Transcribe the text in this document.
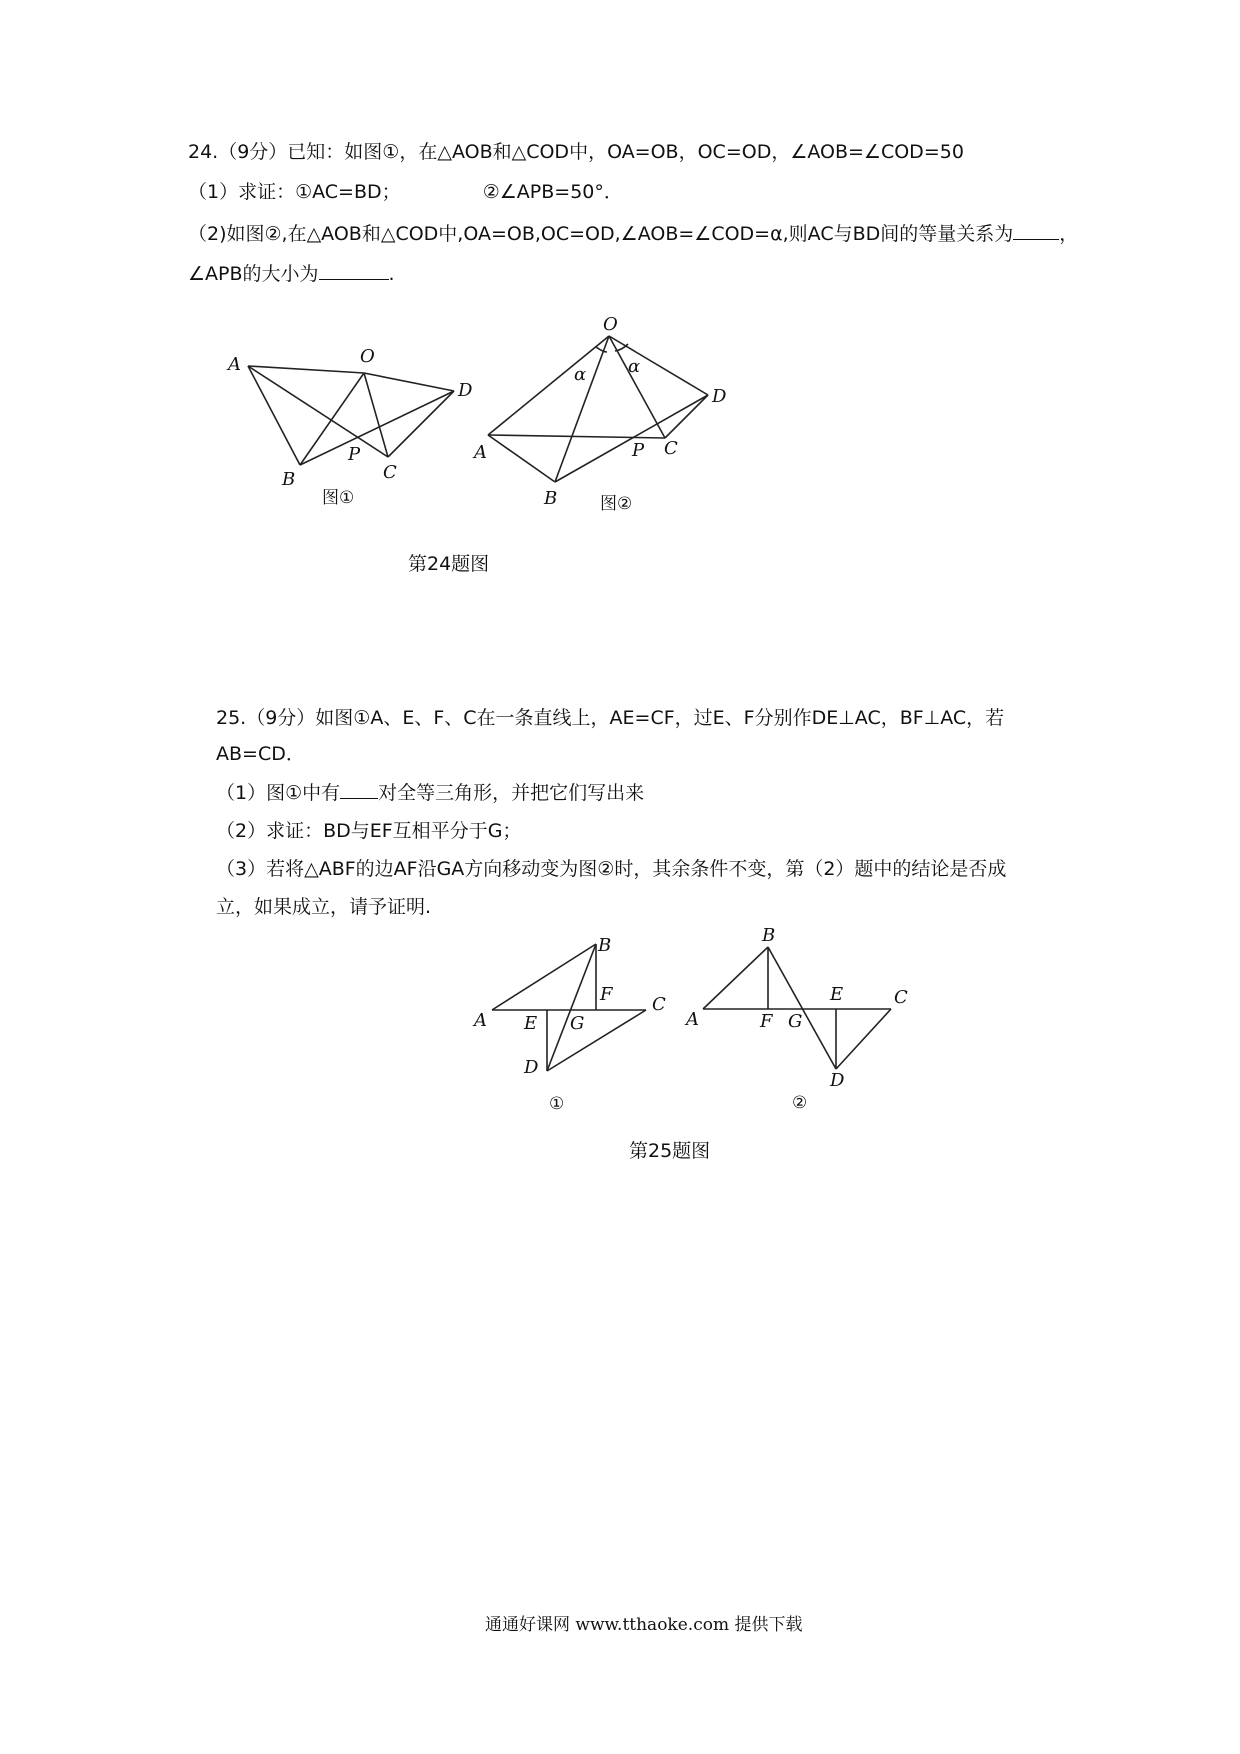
24.（9分）已知：如图①，在△AOB和△COD中，OA=OB，OC=OD，∠AOB=∠COD=50
（1）求证：①AC=BD；	②∠APB=50°．
（2)如图②,在△AOB和△COD中,OA=OB,OC=OD,∠AOB=∠COD=α,则AC与BD间的等量关系为 ，
∠APB的大小为	.
A	O
D
B
P
C
图①
O
α α
D
A	P C
B	图②
第24题图
25.（9分）如图①A、E、F、C在一条直线上，AE=CF，过E、F分别作DE⊥AC，BF⊥AC，若
AB=CD．
（1）图①中有 对全等三角形，并把它们写出来
（2）求证：BD与EF互相平分于G；
（3）若将△ABF的边AF沿GA方向移动变为图②时，其余条件不变，第（2）题中的结论是否成
立，如果成立，请予证明.
B
A E
F
G
C
D
①
B
A	F G
E	C
D
②
第25题图
通通好课网 www.tthaoke.com 提供下载
